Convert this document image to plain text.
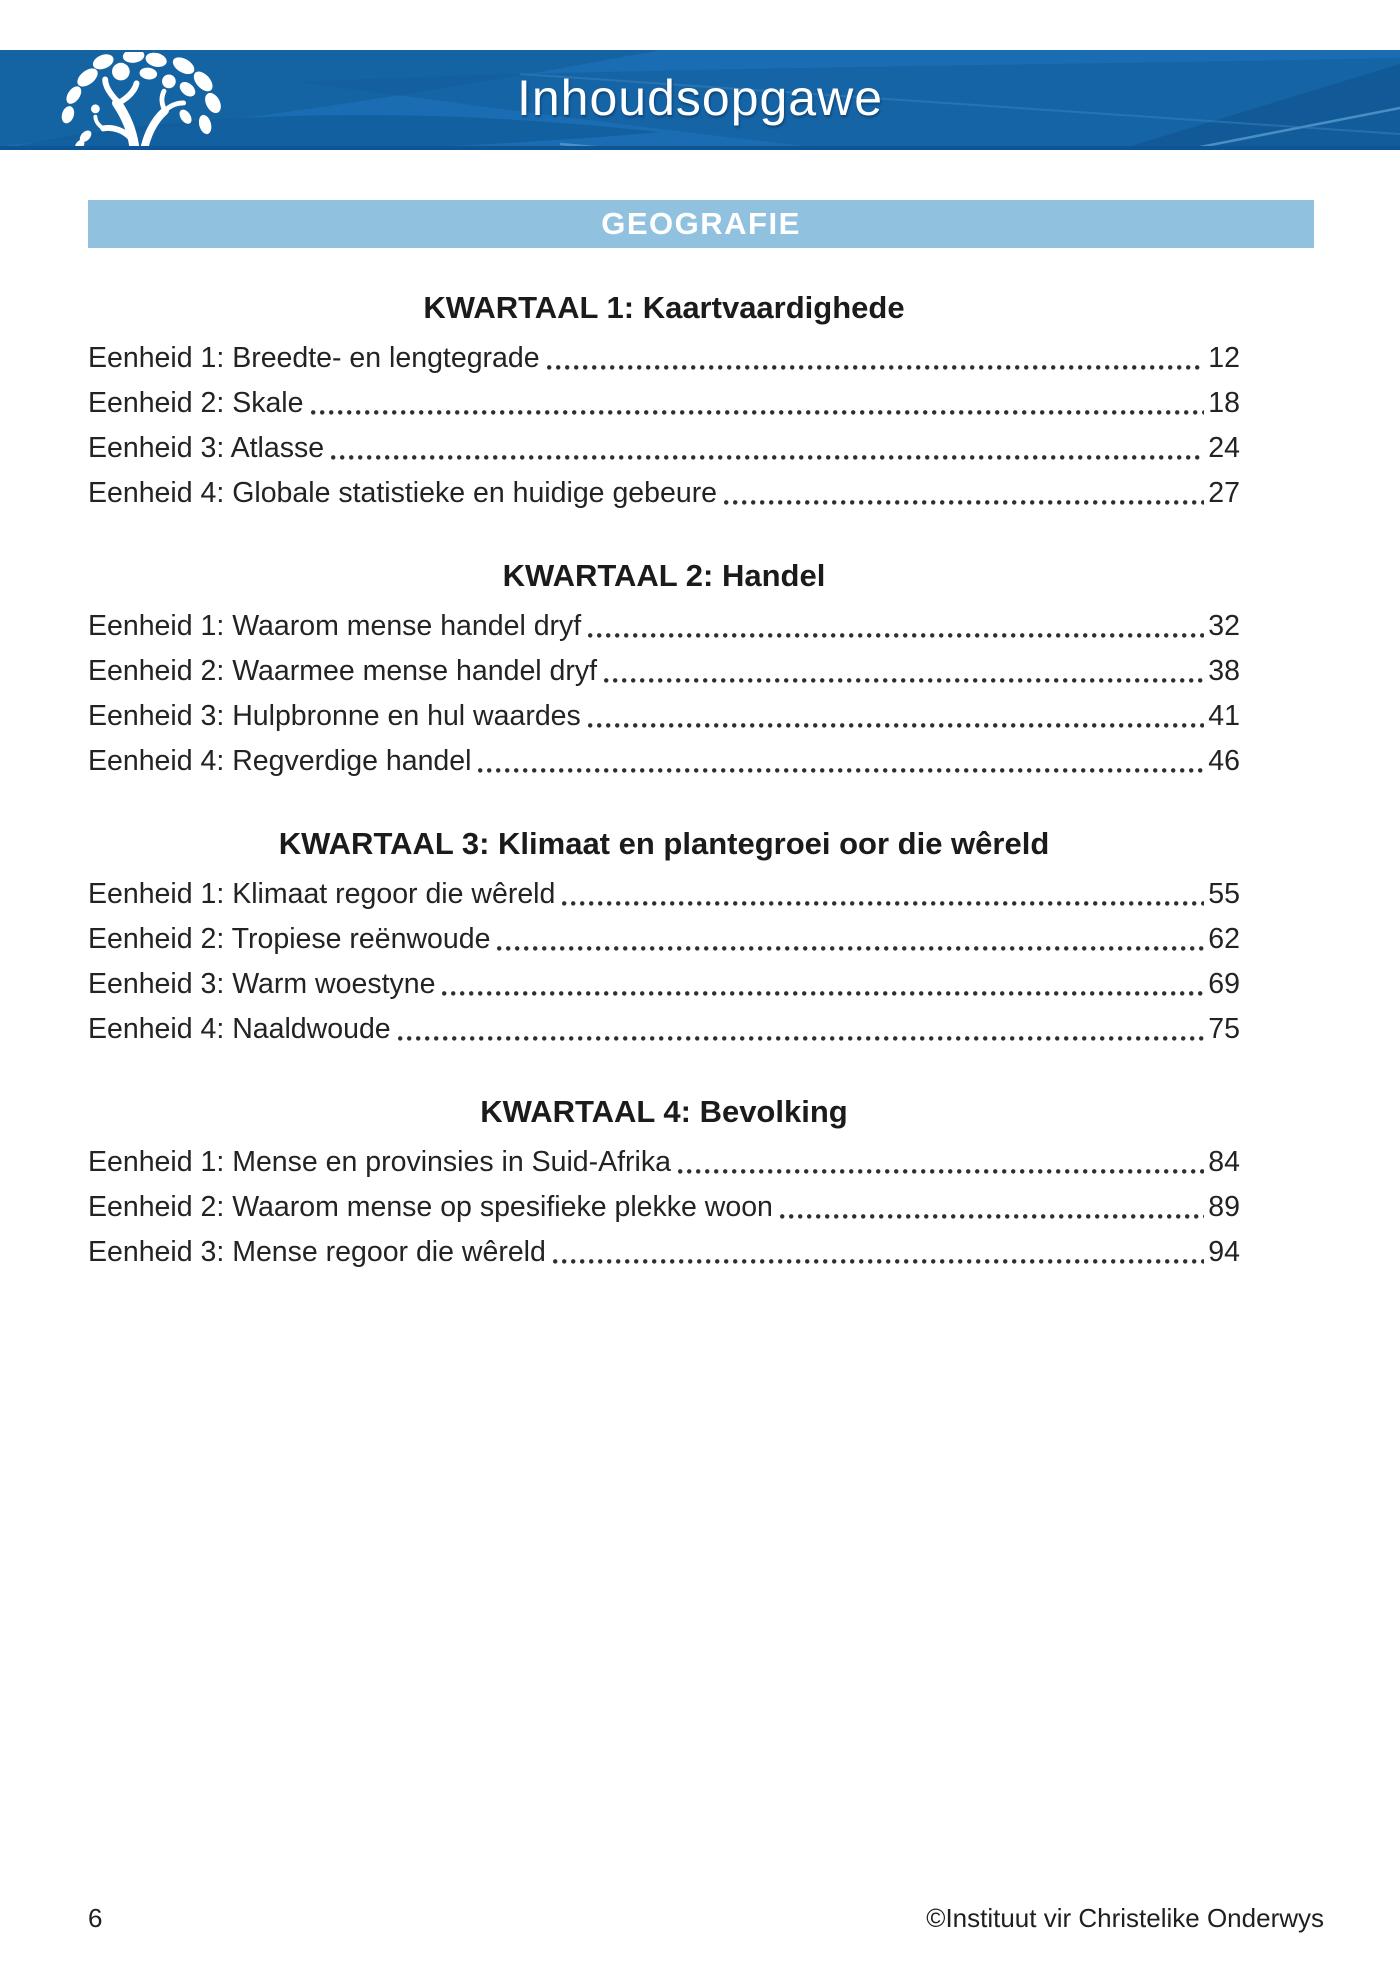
Inhoudsopgawe
GEOGRAFIE
KWARTAAL 1: Kaartvaardighede
Eenheid 1: Breedte- en lengtegrade	12
Eenheid 2: Skale	18
Eenheid 3: Atlasse	24
Eenheid 4: Globale statistieke en huidige gebeure	27
KWARTAAL 2: Handel
Eenheid 1: Waarom mense handel dryf	32
Eenheid 2: Waarmee mense handel dryf	38
Eenheid 3: Hulpbronne en hul waardes	41
Eenheid 4: Regverdige handel	46
KWARTAAL 3: Klimaat en plantegroei oor die wêreld
Eenheid 1: Klimaat regoor die wêreld	55
Eenheid 2: Tropiese reënwoude	62
Eenheid 3: Warm woestyne	69
Eenheid 4: Naaldwoude	75
KWARTAAL 4: Bevolking
Eenheid 1: Mense en provinsies in Suid-Afrika	84
Eenheid 2: Waarom mense op spesifieke plekke woon	89
Eenheid 3: Mense regoor die wêreld	94
6	©Instituut vir Christelike Onderwys
